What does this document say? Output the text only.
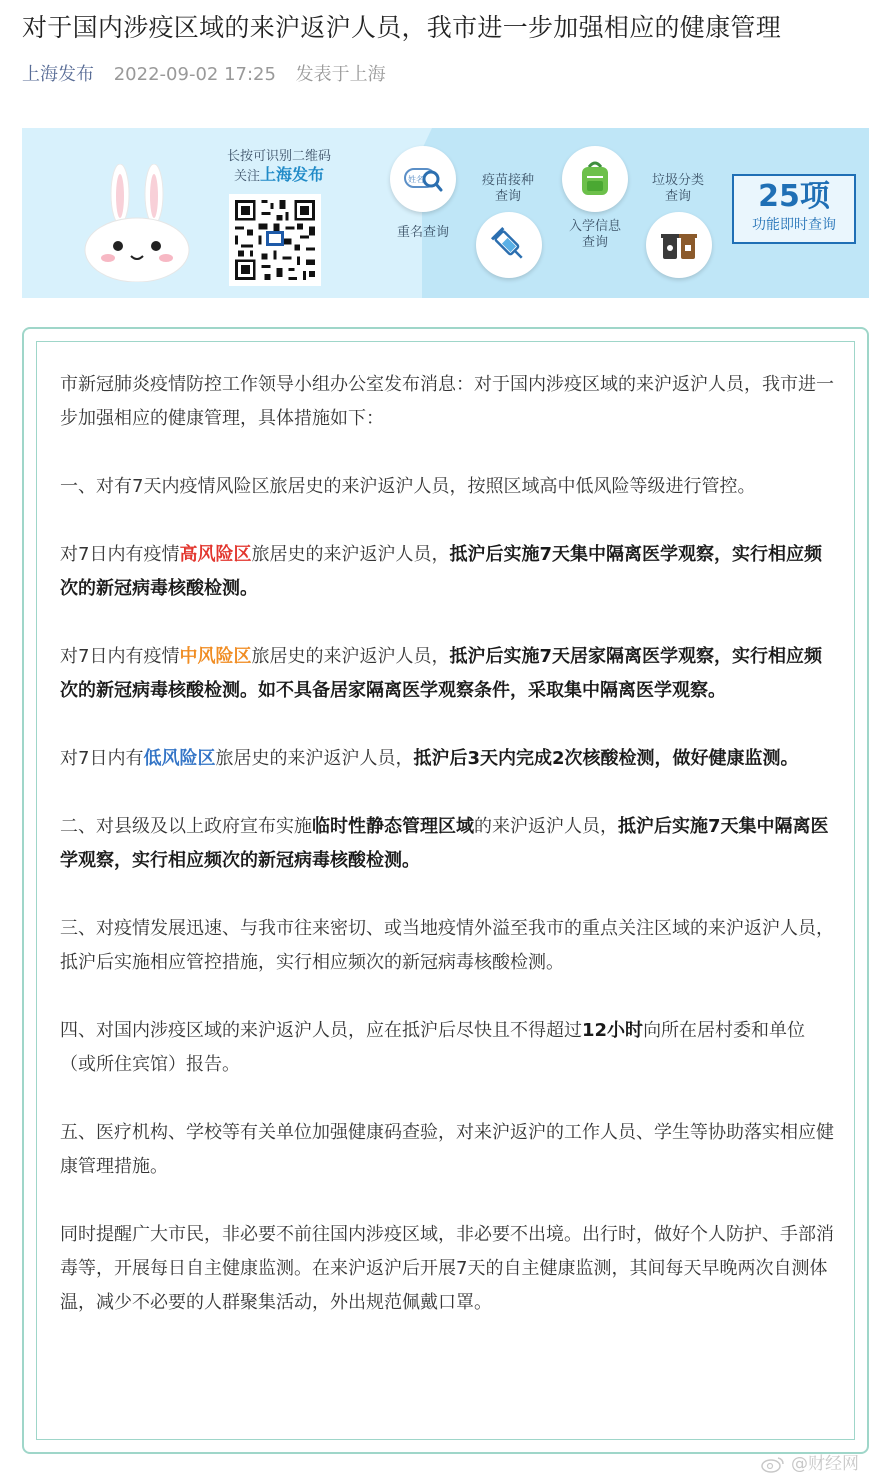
对于国内涉疫区域的来沪返沪人员，我市进一步加强相应的健康管理
上海发布 2022-09-02 17:25 发表于上海
长按可识别二维码
关注上海发布	姓名
重名查询
疫苗接种
查询
入学信息
查询
垃圾分类
查询	25项
功能即时查询

市新冠肺炎疫情防控工作领导小组办公室发布消息：对于国内涉疫区域的来沪返沪人员，我市进一步加强相应的健康管理，具体措施如下：

一、对有7天内疫情风险区旅居史的来沪返沪人员，按照区域高中低风险等级进行管控。

对7日内有疫情高风险区旅居史的来沪返沪人员，抵沪后实施7天集中隔离医学观察，实行相应频次的新冠病毒核酸检测。

对7日内有疫情中风险区旅居史的来沪返沪人员，抵沪后实施7天居家隔离医学观察，实行相应频次的新冠病毒核酸检测。如不具备居家隔离医学观察条件，采取集中隔离医学观察。

对7日内有低风险区旅居史的来沪返沪人员，抵沪后3天内完成2次核酸检测，做好健康监测。

二、对县级及以上政府宣布实施临时性静态管理区域的来沪返沪人员，抵沪后实施7天集中隔离医学观察，实行相应频次的新冠病毒核酸检测。

三、对疫情发展迅速、与我市往来密切、或当地疫情外溢至我市的重点关注区域的来沪返沪人员，抵沪后实施相应管控措施，实行相应频次的新冠病毒核酸检测。

四、对国内涉疫区域的来沪返沪人员，应在抵沪后尽快且不得超过12小时向所在居村委和单位（或所住宾馆）报告。

五、医疗机构、学校等有关单位加强健康码查验，对来沪返沪的工作人员、学生等协助落实相应健康管理措施。

同时提醒广大市民，非必要不前往国内涉疫区域，非必要不出境。出行时，做好个人防护、手部消毒等，开展每日自主健康监测。在来沪返沪后开展7天的自主健康监测，其间每天早晚两次自测体温，减少不必要的人群聚集活动，外出规范佩戴口罩。

@财经网
